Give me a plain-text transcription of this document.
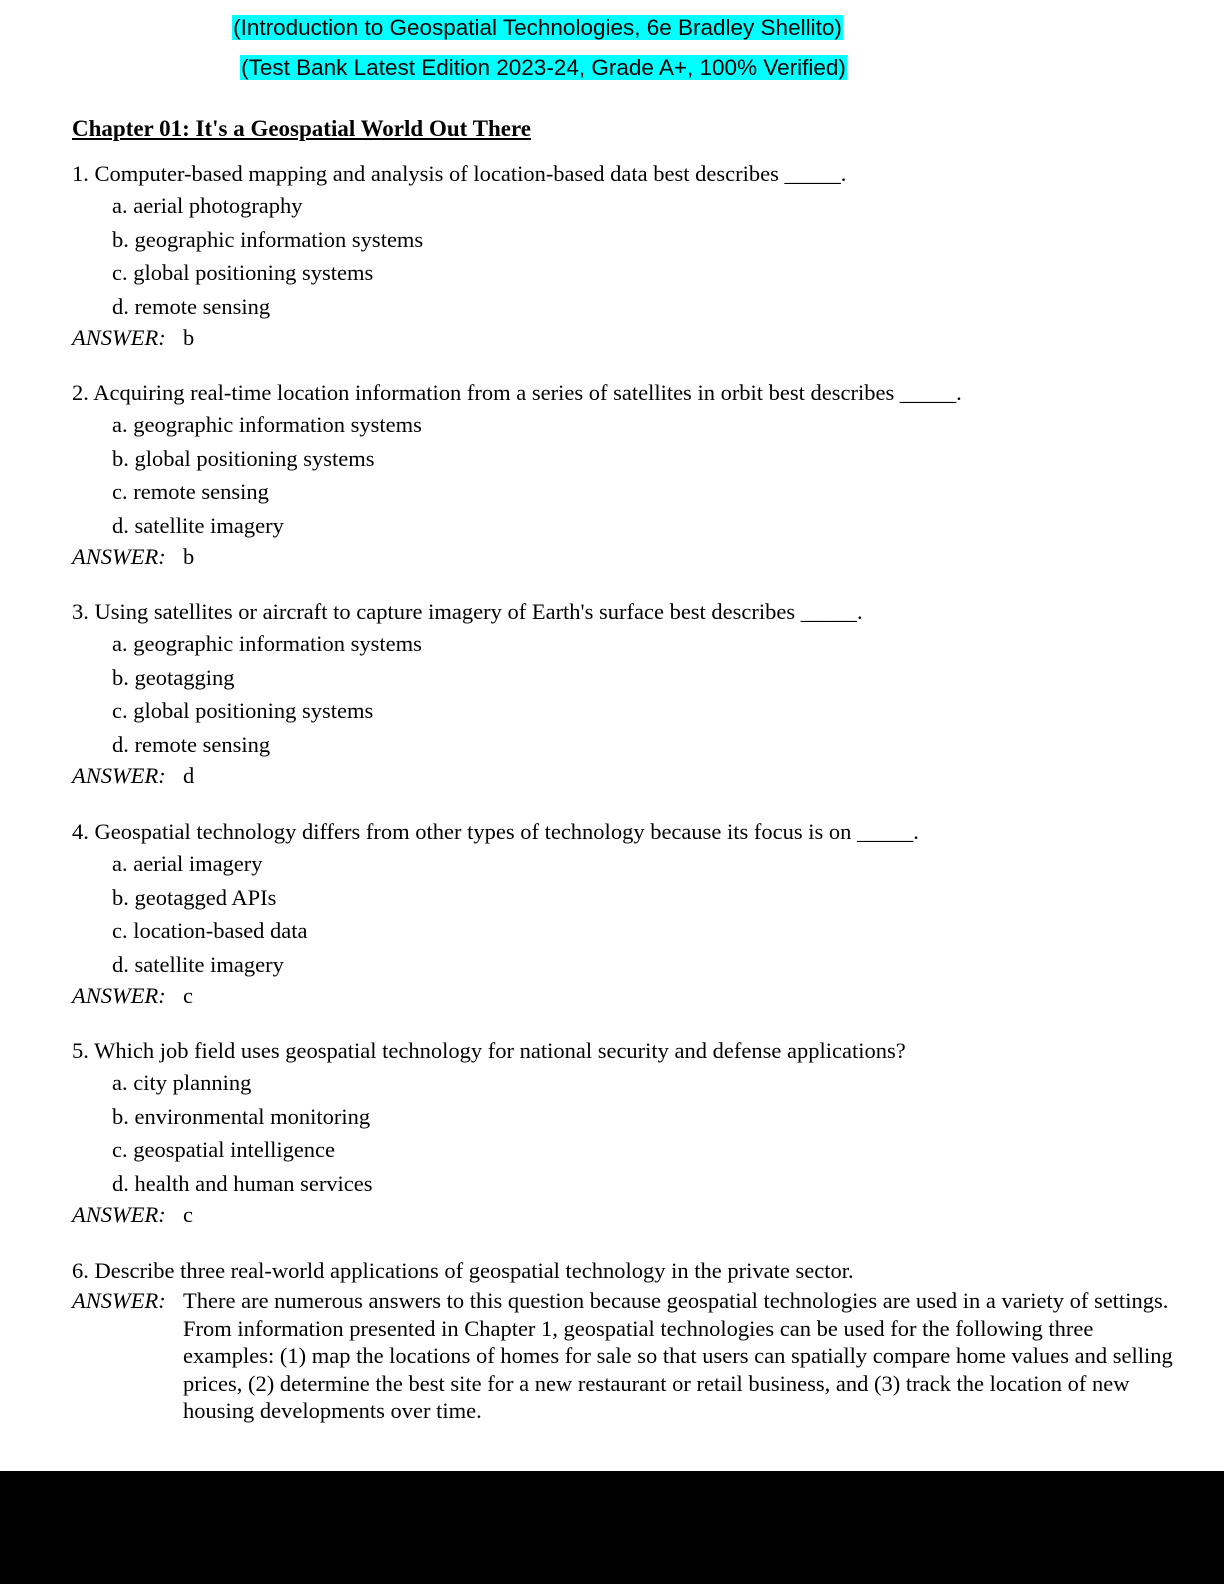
(Introduction to Geospatial Technologies, 6e Bradley Shellito)
(Test Bank Latest Edition 2023-24, Grade A+, 100% Verified)
Chapter 01: It's a Geospatial World Out There
1. Computer-based mapping and analysis of location-based data best describes _____.
a. aerial photography
b. geographic information systems
c. global positioning systems
d. remote sensing
ANSWER: b
2. Acquiring real-time location information from a series of satellites in orbit best describes _____.
a. geographic information systems
b. global positioning systems
c. remote sensing
d. satellite imagery
ANSWER: b
3. Using satellites or aircraft to capture imagery of Earth's surface best describes _____.
a. geographic information systems
b. geotagging
c. global positioning systems
d. remote sensing
ANSWER: d
4. Geospatial technology differs from other types of technology because its focus is on _____.
a. aerial imagery
b. geotagged APIs
c. location-based data
d. satellite imagery
ANSWER: c
5. Which job field uses geospatial technology for national security and defense applications?
a. city planning
b. environmental monitoring
c. geospatial intelligence
d. health and human services
ANSWER: c
6. Describe three real-world applications of geospatial technology in the private sector.
ANSWER: There are numerous answers to this question because geospatial technologies are used in a variety of settings. From information presented in Chapter 1, geospatial technologies can be used for the following three examples: (1) map the locations of homes for sale so that users can spatially compare home values and selling prices, (2) determine the best site for a new restaurant or retail business, and (3) track the location of new housing developments over time.
